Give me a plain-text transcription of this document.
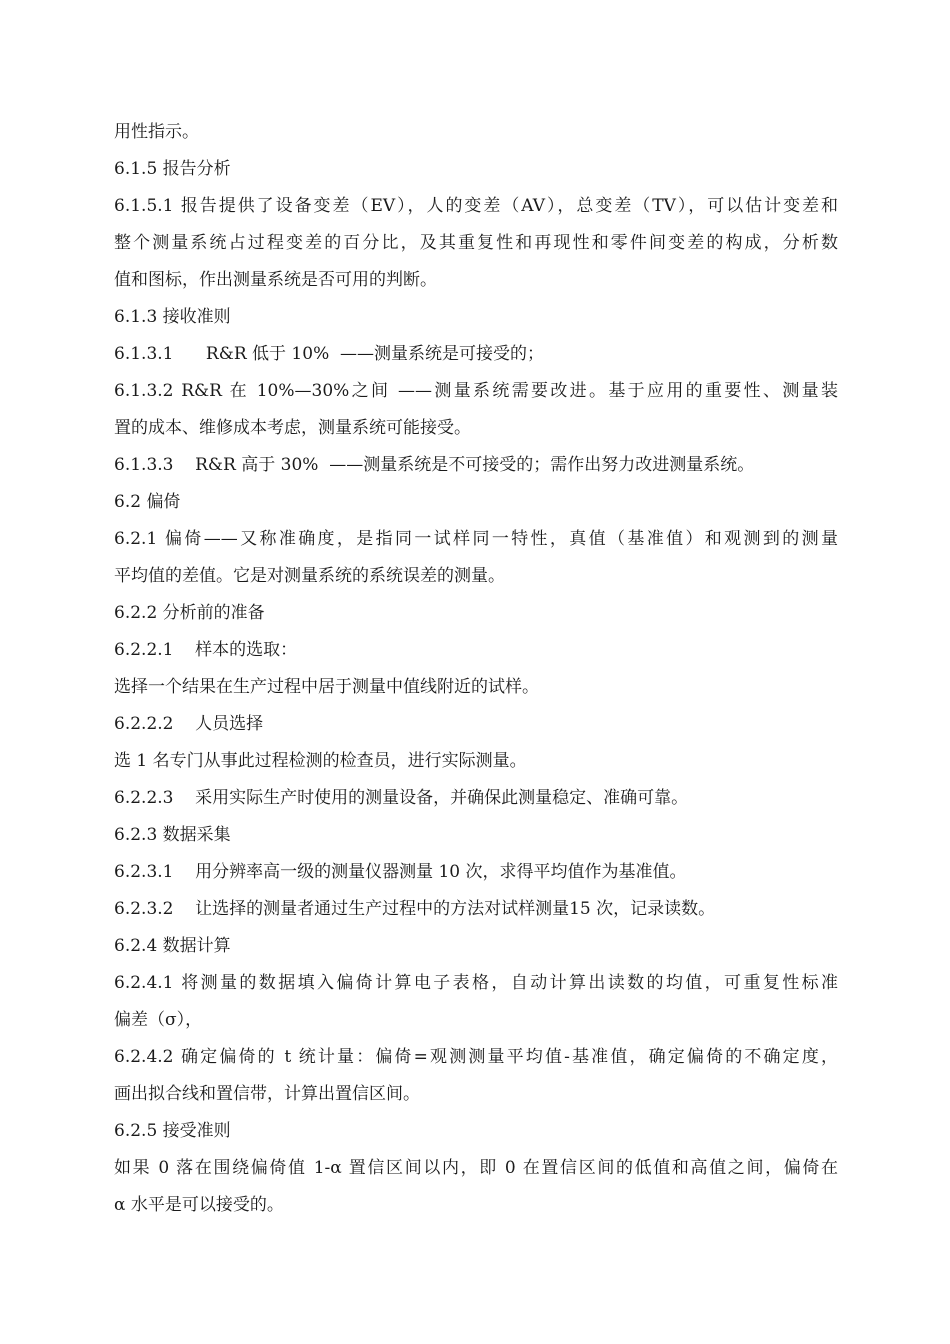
用性指示。
6.1.5 报告分析
6.1.5.1 报告提供了设备变差（EV），人的变差（AV），总变差（TV），可以估计变差和
整个测量系统占过程变差的百分比，及其重复性和再现性和零件间变差的构成，分析数
值和图标，作出测量系统是否可用的判断。
6.1.3 接收准则
6.1.3.1      R&R 低于 10%  ——测量系统是可接受的；
6.1.3.2 R&R 在 10%—30%之间 ——测量系统需要改进。基于应用的重要性、测量装
置的成本、维修成本考虑，测量系统可能接受。
6.1.3.3    R&R 高于 30%  ——测量系统是不可接受的；需作出努力改进测量系统。
6.2 偏倚
6.2.1 偏倚——又称准确度，是指同一试样同一特性，真值（基准值）和观测到的测量
平均值的差值。它是对测量系统的系统误差的测量。
6.2.2 分析前的准备
6.2.2.1    样本的选取：
选择一个结果在生产过程中居于测量中值线附近的试样。
6.2.2.2    人员选择
选 1 名专门从事此过程检测的检查员，进行实际测量。
6.2.2.3    采用实际生产时使用的测量设备，并确保此测量稳定、准确可靠。
6.2.3 数据采集
6.2.3.1    用分辨率高一级的测量仪器测量 10 次，求得平均值作为基准值。
6.2.3.2    让选择的测量者通过生产过程中的方法对试样测量15 次，记录读数。
6.2.4 数据计算
6.2.4.1 将测量的数据填入偏倚计算电子表格，自动计算出读数的均值，可重复性标准
偏差（σ），
6.2.4.2 确定偏倚的 t 统计量：偏倚=观测测量平均值-基准值，确定偏倚的不确定度，
画出拟合线和置信带，计算出置信区间。
6.2.5 接受准则
如果 0 落在围绕偏倚值 1-α 置信区间以内，即 0 在置信区间的低值和高值之间，偏倚在
α 水平是可以接受的。
